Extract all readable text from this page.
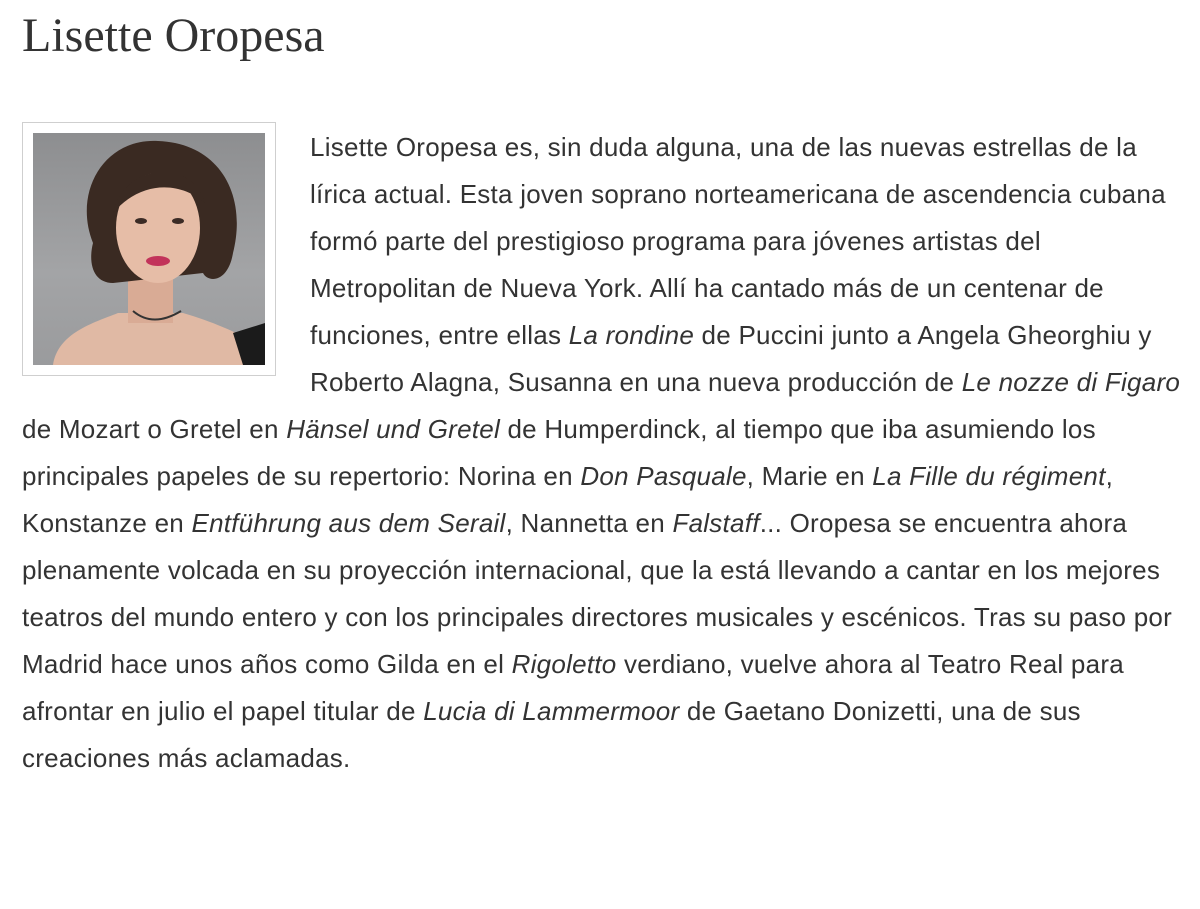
Lisette Oropesa
Lisette Oropesa es, sin duda alguna, una de las nuevas estrellas de la lírica actual. Esta joven soprano norteamericana de ascendencia cubana formó parte del prestigioso programa para jóvenes artistas del Metropolitan de Nueva York. Allí ha cantado más de un centenar de funciones, entre ellas La rondine de Puccini junto a Angela Gheorghiu y Roberto Alagna, Susanna en una nueva producción de Le nozze di Figaro de Mozart o Gretel en Hänsel und Gretel de Humperdinck, al tiempo que iba asumiendo los principales papeles de su repertorio: Norina en Don Pasquale, Marie en La Fille du régiment, Konstanze en Entführung aus dem Serail, Nannetta en Falstaff... Oropesa se encuentra ahora plenamente volcada en su proyección internacional, que la está llevando a cantar en los mejores teatros del mundo entero y con los principales directores musicales y escénicos. Tras su paso por Madrid hace unos años como Gilda en el Rigoletto verdiano, vuelve ahora al Teatro Real para afrontar en julio el papel titular de Lucia di Lammermoor de Gaetano Donizetti, una de sus creaciones más aclamadas.
